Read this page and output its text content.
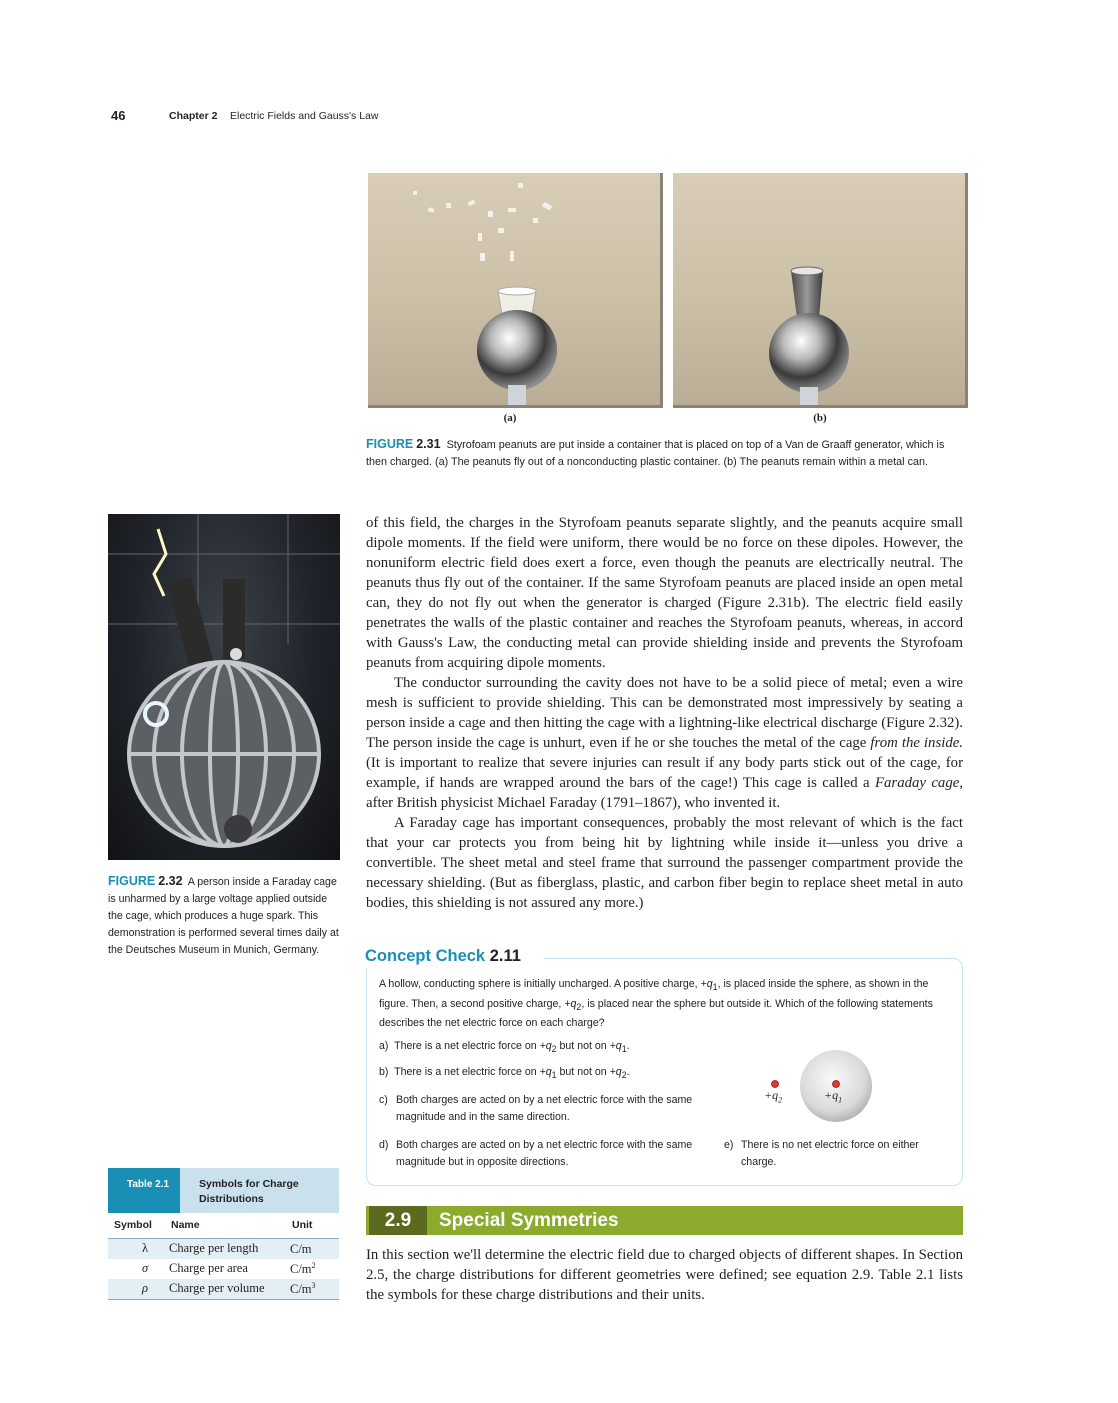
46	Chapter 2 Electric Fields and Gauss's Law
(a)	(b)
FIGURE 2.31 Styrofoam peanuts are put inside a container that is placed on top of a Van de Graaff generator, which is then charged. (a) The peanuts fly out of a nonconducting plastic container. (b) The peanuts remain within a metal can.
FIGURE 2.32 A person inside a Faraday cage is unharmed by a large voltage applied outside the cage, which produces a huge spark. This demonstration is performed several times daily at the Deutsches Museum in Munich, Germany.

of this field, the charges in the Styrofoam peanuts separate slightly, and the peanuts acquire small dipole moments. If the field were uniform, there would be no force on these dipoles. However, the nonuniform electric field does exert a force, even though the peanuts are electrically neutral. The peanuts thus fly out of the container. If the same Styrofoam peanuts are placed inside an open metal can, they do not fly out when the generator is charged (Figure 2.31b). The electric field easily penetrates the walls of the plastic container and reaches the Styrofoam peanuts, whereas, in accord with Gauss's Law, the conducting metal can provide shielding inside and prevents the Styrofoam peanuts from acquiring dipole moments.

The conductor surrounding the cavity does not have to be a solid piece of metal; even a wire mesh is sufficient to provide shielding. This can be demonstrated most impressively by seating a person inside a cage and then hitting the cage with a lightning-like electrical discharge (Figure 2.32). The person inside the cage is unhurt, even if he or she touches the metal of the cage from the inside. (It is important to realize that severe injuries can result if any body parts stick out of the cage, for example, if hands are wrapped around the bars of the cage!) This cage is called a Faraday cage, after British physicist Michael Faraday (1791–1867), who invented it.

A Faraday cage has important consequences, probably the most relevant of which is the fact that your car protects you from being hit by lightning while inside it—unless you drive a convertible. The sheet metal and steel frame that surround the passenger compartment provide the necessary shielding. (But as fiberglass, plastic, and carbon fiber begin to replace sheet metal in auto bodies, this shielding is not assured any more.)

Concept Check 2.11
A hollow, conducting sphere is initially uncharged. A positive charge, $+q_1$, is placed inside the sphere, as shown in the figure. Then, a second positive charge, $+q_2$, is placed near the sphere but outside it. Which of the following statements describes the net electric force on each charge?
a) There is a net electric force on $+q_2$ but not on $+q_1$.
b) There is a net electric force on $+q_1$ but not on $+q_2$.
c) Both charges are acted on by a net electric force with the same magnitude and in the same direction.
d) Both charges are acted on by a net electric force with the same magnitude but in opposite directions.
e) There is no net electric force on either charge.
$+q_2$	$+q_1$
Table 2.1	Symbols for Charge Distributions
Symbol Name	Unit
λ Charge per length	C/m
σ Charge per area	$C/m^2$
ρ Charge per volume $C/m^3$
2.9	Special Symmetries

In this section we'll determine the electric field due to charged objects of different shapes. In Section 2.5, the charge distributions for different geometries were defined; see equation 2.9. Table 2.1 lists the symbols for these charge distributions and their units.
